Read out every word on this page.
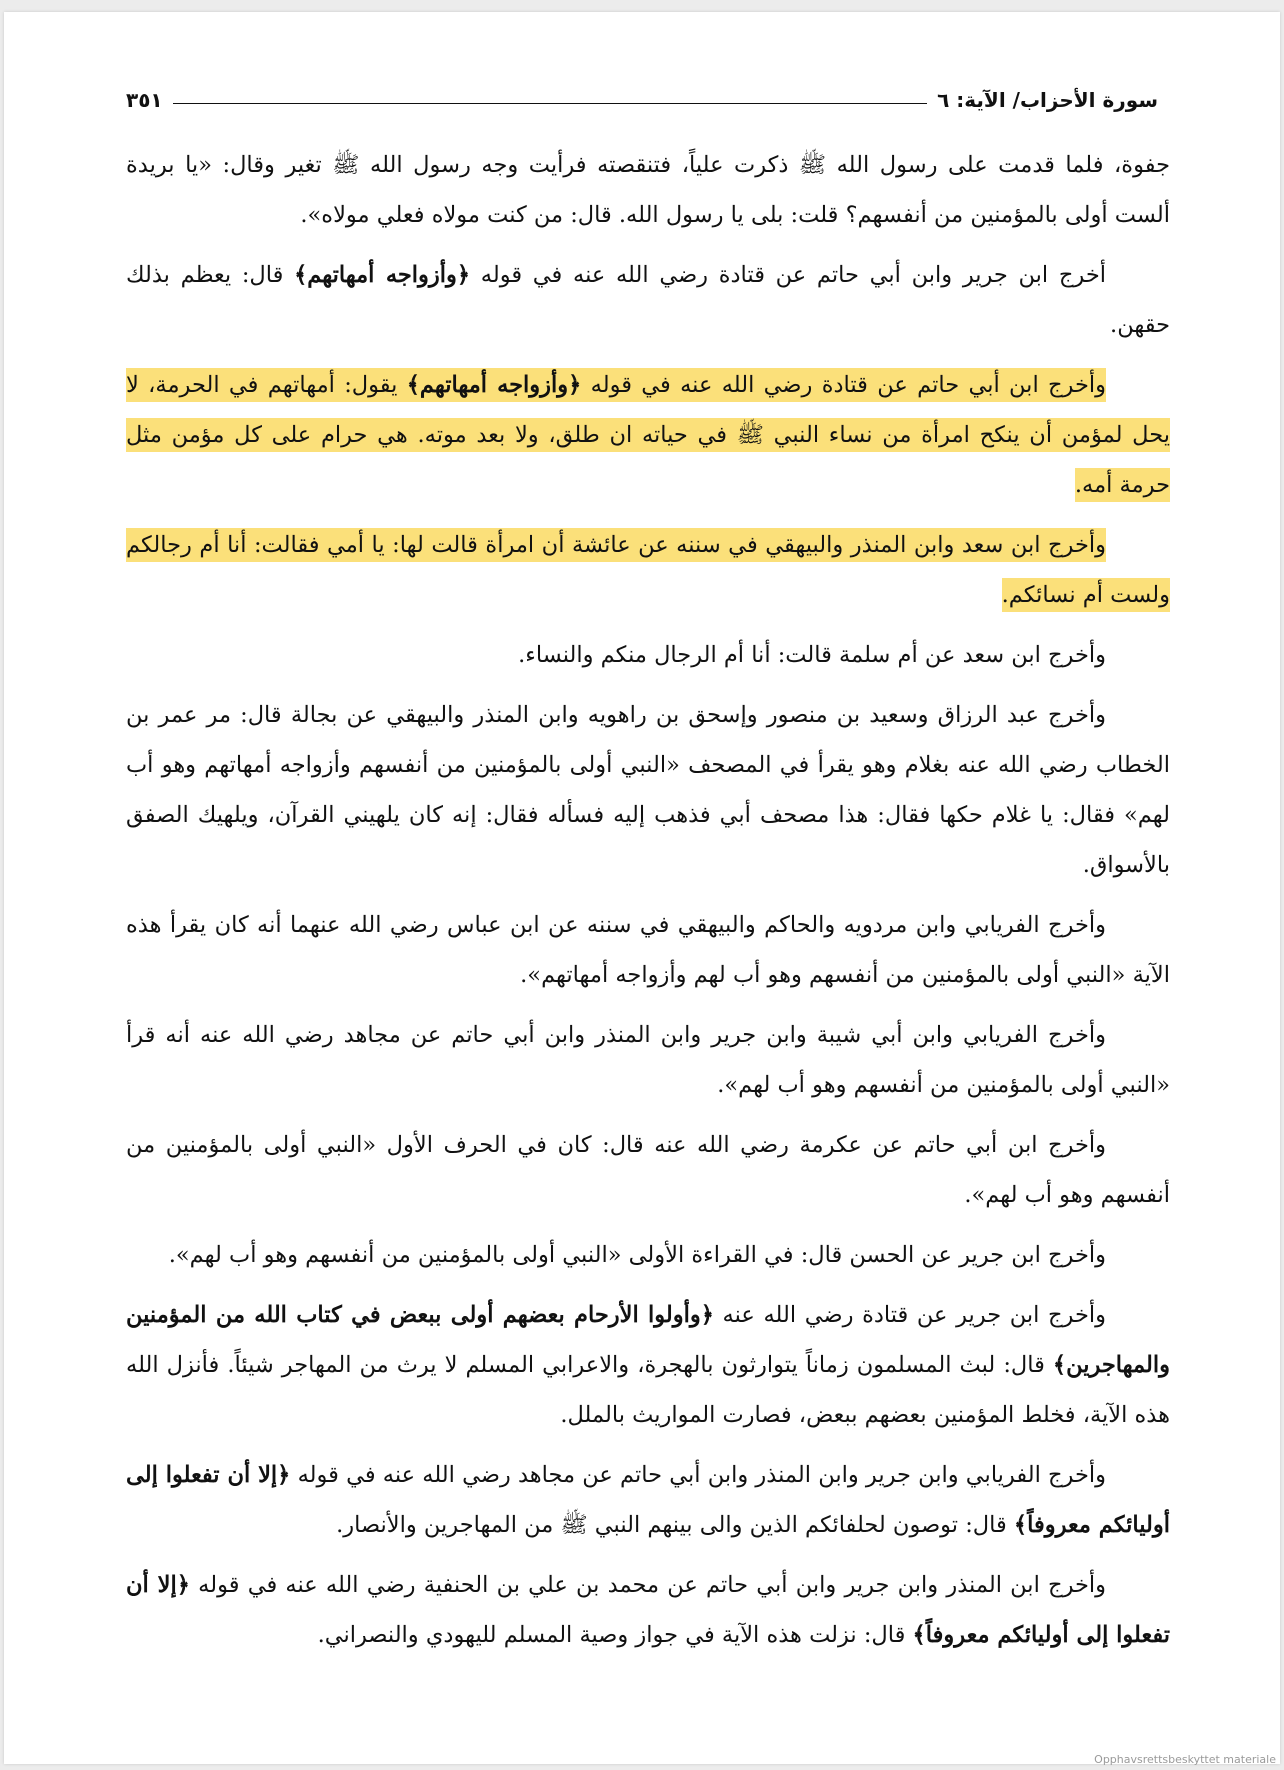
سورة الأحزاب/ الآية: ٦
٣٥١
جفوة، فلما قدمت على رسول الله ﷺ ذكرت علياً، فتنقصته فرأيت وجه رسول الله ﷺ تغير وقال: «يا بريدة ألست أولى بالمؤمنين من أنفسهم؟ قلت: بلى يا رسول الله. قال: من كنت مولاه فعلي مولاه».
أخرج ابن جرير وابن أبي حاتم عن قتادة رضي الله عنه في قوله ﴿وأزواجه أمهاتهم﴾ قال: يعظم بذلك حقهن.
وأخرج ابن أبي حاتم عن قتادة رضي الله عنه في قوله ﴿وأزواجه أمهاتهم﴾ يقول: أمهاتهم في الحرمة، لا يحل لمؤمن أن ينكح امرأة من نساء النبي ﷺ في حياته ان طلق، ولا بعد موته. هي حرام على كل مؤمن مثل حرمة أمه.
وأخرج ابن سعد وابن المنذر والبيهقي في سننه عن عائشة أن امرأة قالت لها: يا أمي فقالت: أنا أم رجالكم ولست أم نسائكم.
وأخرج ابن سعد عن أم سلمة قالت: أنا أم الرجال منكم والنساء.
وأخرج عبد الرزاق وسعيد بن منصور وإسحق بن راهويه وابن المنذر والبيهقي عن بجالة قال: مر عمر بن الخطاب رضي الله عنه بغلام وهو يقرأ في المصحف «النبي أولى بالمؤمنين من أنفسهم وأزواجه أمهاتهم وهو أب لهم» فقال: يا غلام حكها فقال: هذا مصحف أبي فذهب إليه فسأله فقال: إنه كان يلهيني القرآن، ويلهيك الصفق بالأسواق.
وأخرج الفريابي وابن مردويه والحاكم والبيهقي في سننه عن ابن عباس رضي الله عنهما أنه كان يقرأ هذه الآية «النبي أولى بالمؤمنين من أنفسهم وهو أب لهم وأزواجه أمهاتهم».
وأخرج الفريابي وابن أبي شيبة وابن جرير وابن المنذر وابن أبي حاتم عن مجاهد رضي الله عنه أنه قرأ «النبي أولى بالمؤمنين من أنفسهم وهو أب لهم».
وأخرج ابن أبي حاتم عن عكرمة رضي الله عنه قال: كان في الحرف الأول «النبي أولى بالمؤمنين من أنفسهم وهو أب لهم».
وأخرج ابن جرير عن الحسن قال: في القراءة الأولى «النبي أولى بالمؤمنين من أنفسهم وهو أب لهم».
وأخرج ابن جرير عن قتادة رضي الله عنه ﴿وأولوا الأرحام بعضهم أولى ببعض في كتاب الله من المؤمنين والمهاجرين﴾ قال: لبث المسلمون زماناً يتوارثون بالهجرة، والاعرابي المسلم لا يرث من المهاجر شيئاً. فأنزل الله هذه الآية، فخلط المؤمنين بعضهم ببعض، فصارت المواريث بالملل.
وأخرج الفريابي وابن جرير وابن المنذر وابن أبي حاتم عن مجاهد رضي الله عنه في قوله ﴿إلا أن تفعلوا إلى أوليائكم معروفاً﴾ قال: توصون لحلفائكم الذين والى بينهم النبي ﷺ من المهاجرين والأنصار.
وأخرج ابن المنذر وابن جرير وابن أبي حاتم عن محمد بن علي بن الحنفية رضي الله عنه في قوله ﴿إلا أن تفعلوا إلى أوليائكم معروفاً﴾ قال: نزلت هذه الآية في جواز وصية المسلم لليهودي والنصراني.
Opphavsrettsbeskyttet materiale
